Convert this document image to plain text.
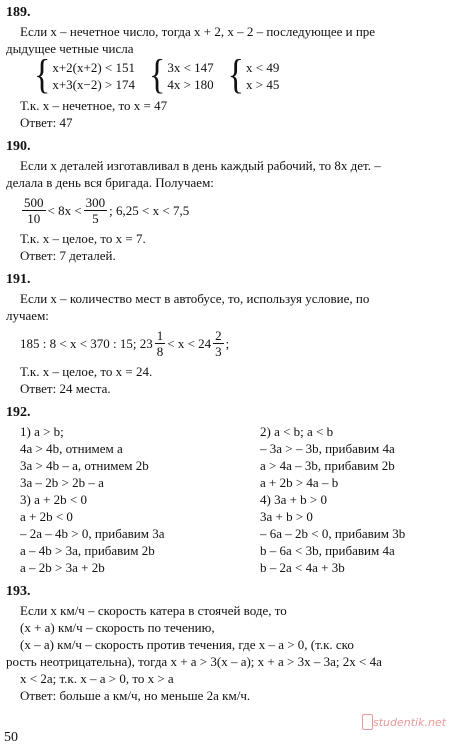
189.
Если x – нечетное число, тогда x + 2, x – 2 – последующее и пре
дыдущее четные числа
{ x+2(x+2) < 151
x+3(x−2) > 174 { 3x < 147
4x > 180 { x < 49
x > 45
Т.к. x – нечетное, то x = 47
Ответ: 47
190.
Если x деталей изготавливал в день каждый рабочий, то 8x дет. –
делала в день вся бригада. Получаем:
$\frac{500}{10} < 8x < \frac{300}{5}$ ; 6,25 < x < 7,5
Т.к. x – целое, то x = 7.
Ответ: 7 деталей.
191.
Если x – количество мест в автобусе, то, используя условие, по
лучаем:
185 : 8 < x < 370 : 15; $23 \frac{1}{8} < x < 24 \frac{2}{3}$ ;
Т.к. x – целое, то x = 24.
Ответ: 24 места.
192.
1) a > b;	2) a < b; a < b
4a > 4b, отнимем a	– 3a > – 3b, прибавим 4a
3a > 4b – a, отнимем 2b	a > 4a – 3b, прибавим 2b
3a – 2b > 2b – a	a + 2b > 4a – b
3) a + 2b < 0	4) 3a + b > 0
a + 2b < 0	3a + b > 0
– 2a – 4b > 0, прибавим 3a	– 6a – 2b < 0, прибавим 3b
a – 4b > 3a, прибавим 2b	b – 6a < 3b, прибавим 4a
a – 2b > 3a + 2b	b – 2a < 4a + 3b
193.
Если x км/ч – скорость катера в стоячей воде, то
(x + a) км/ч – скорость по течению,
(x – a) км/ч – скорость против течения, где x – a > 0, (т.к. ско
рость неотрицательна), тогда x + a > 3(x – a); x + a > 3x – 3a; 2x < 4a
x < 2a; т.к. x – a > 0, то x > a
Ответ: больше a км/ч, но меньше 2a км/ч.
50
studentik.net
